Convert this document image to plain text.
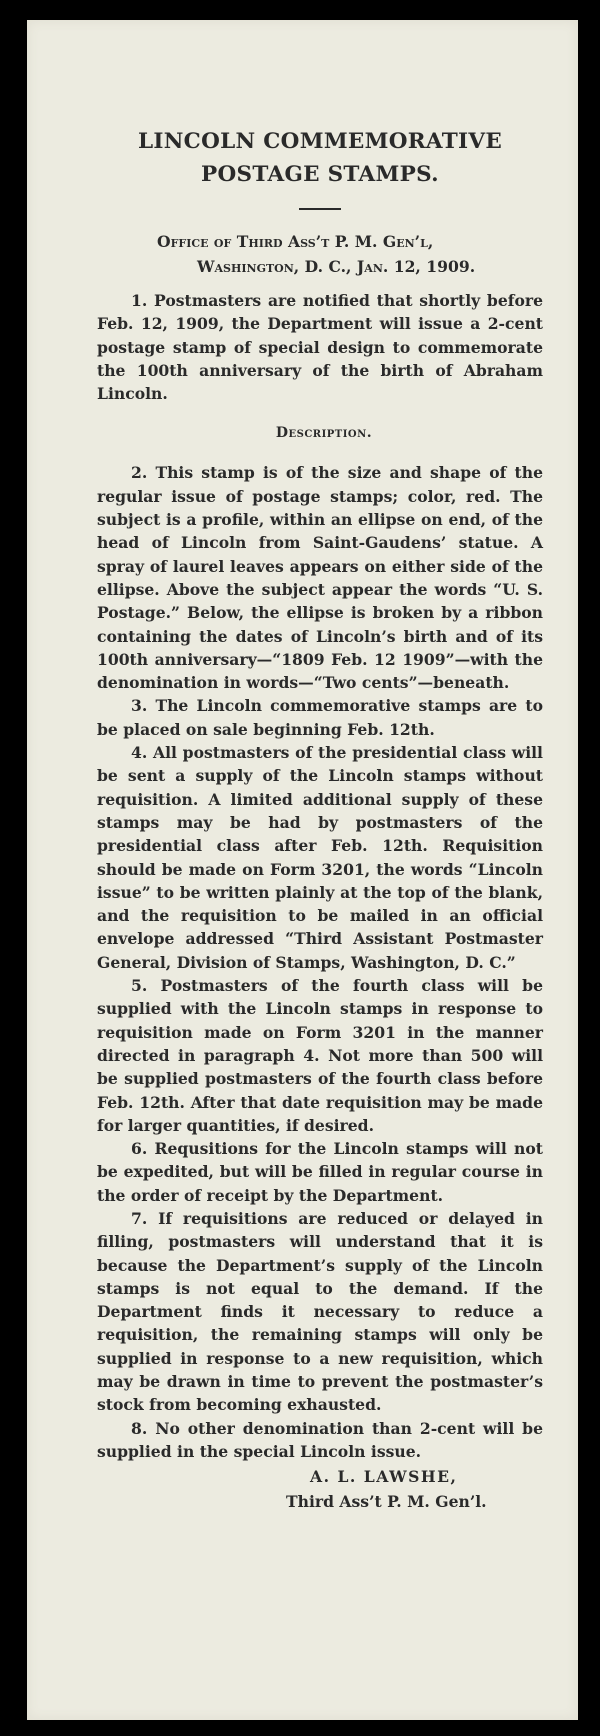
LINCOLN COMMEMORATIVE POSTAGE STAMPS.
Office of Third Ass’t P. M. Gen’l,
Washington, D. C., Jan. 12, 1909.

1. Postmasters are notified that shortly before Feb. 12, 1909, the Department will issue a 2-cent postage stamp of special design to commemorate the 100th anniversary of the birth of Abraham Lincoln.

Description.

2. This stamp is of the size and shape of the regular issue of postage stamps; color, red. The subject is a profile, within an ellipse on end, of the head of Lincoln from Saint-Gaudens’ statue. A spray of laurel leaves appears on either side of the ellipse. Above the subject appear the words “U. S. Postage.” Below, the ellipse is broken by a ribbon containing the dates of Lincoln’s birth and of its 100th anniversary—“1809 Feb. 12 1909”—with the denomination in words—“Two cents”—beneath.

3. The Lincoln commemorative stamps are to be placed on sale beginning Feb. 12th.

4. All postmasters of the presidential class will be sent a supply of the Lincoln stamps without requisition. A limited additional supply of these stamps may be had by postmasters of the presidential class after Feb. 12th. Requisition should be made on Form 3201, the words “Lincoln issue” to be written plainly at the top of the blank, and the requisition to be mailed in an official envelope addressed “Third Assistant Postmaster General, Division of Stamps, Washington, D. C.”

5. Postmasters of the fourth class will be supplied with the Lincoln stamps in response to requisition made on Form 3201 in the manner directed in paragraph 4. Not more than 500 will be supplied postmasters of the fourth class before Feb. 12th. After that date requisition may be made for larger quantities, if desired.

6. Requsitions for the Lincoln stamps will not be expedited, but will be filled in regular course in the order of receipt by the Department.

7. If requisitions are reduced or delayed in filling, postmasters will understand that it is because the Department’s supply of the Lincoln stamps is not equal to the demand. If the Department finds it necessary to reduce a requisition, the remaining stamps will only be supplied in response to a new requisition, which may be drawn in time to prevent the postmaster’s stock from becoming exhausted.

8. No other denomination than 2-cent will be supplied in the special Lincoln issue.

A. L. LAWSHE,
Third Ass’t P. M. Gen’l.
